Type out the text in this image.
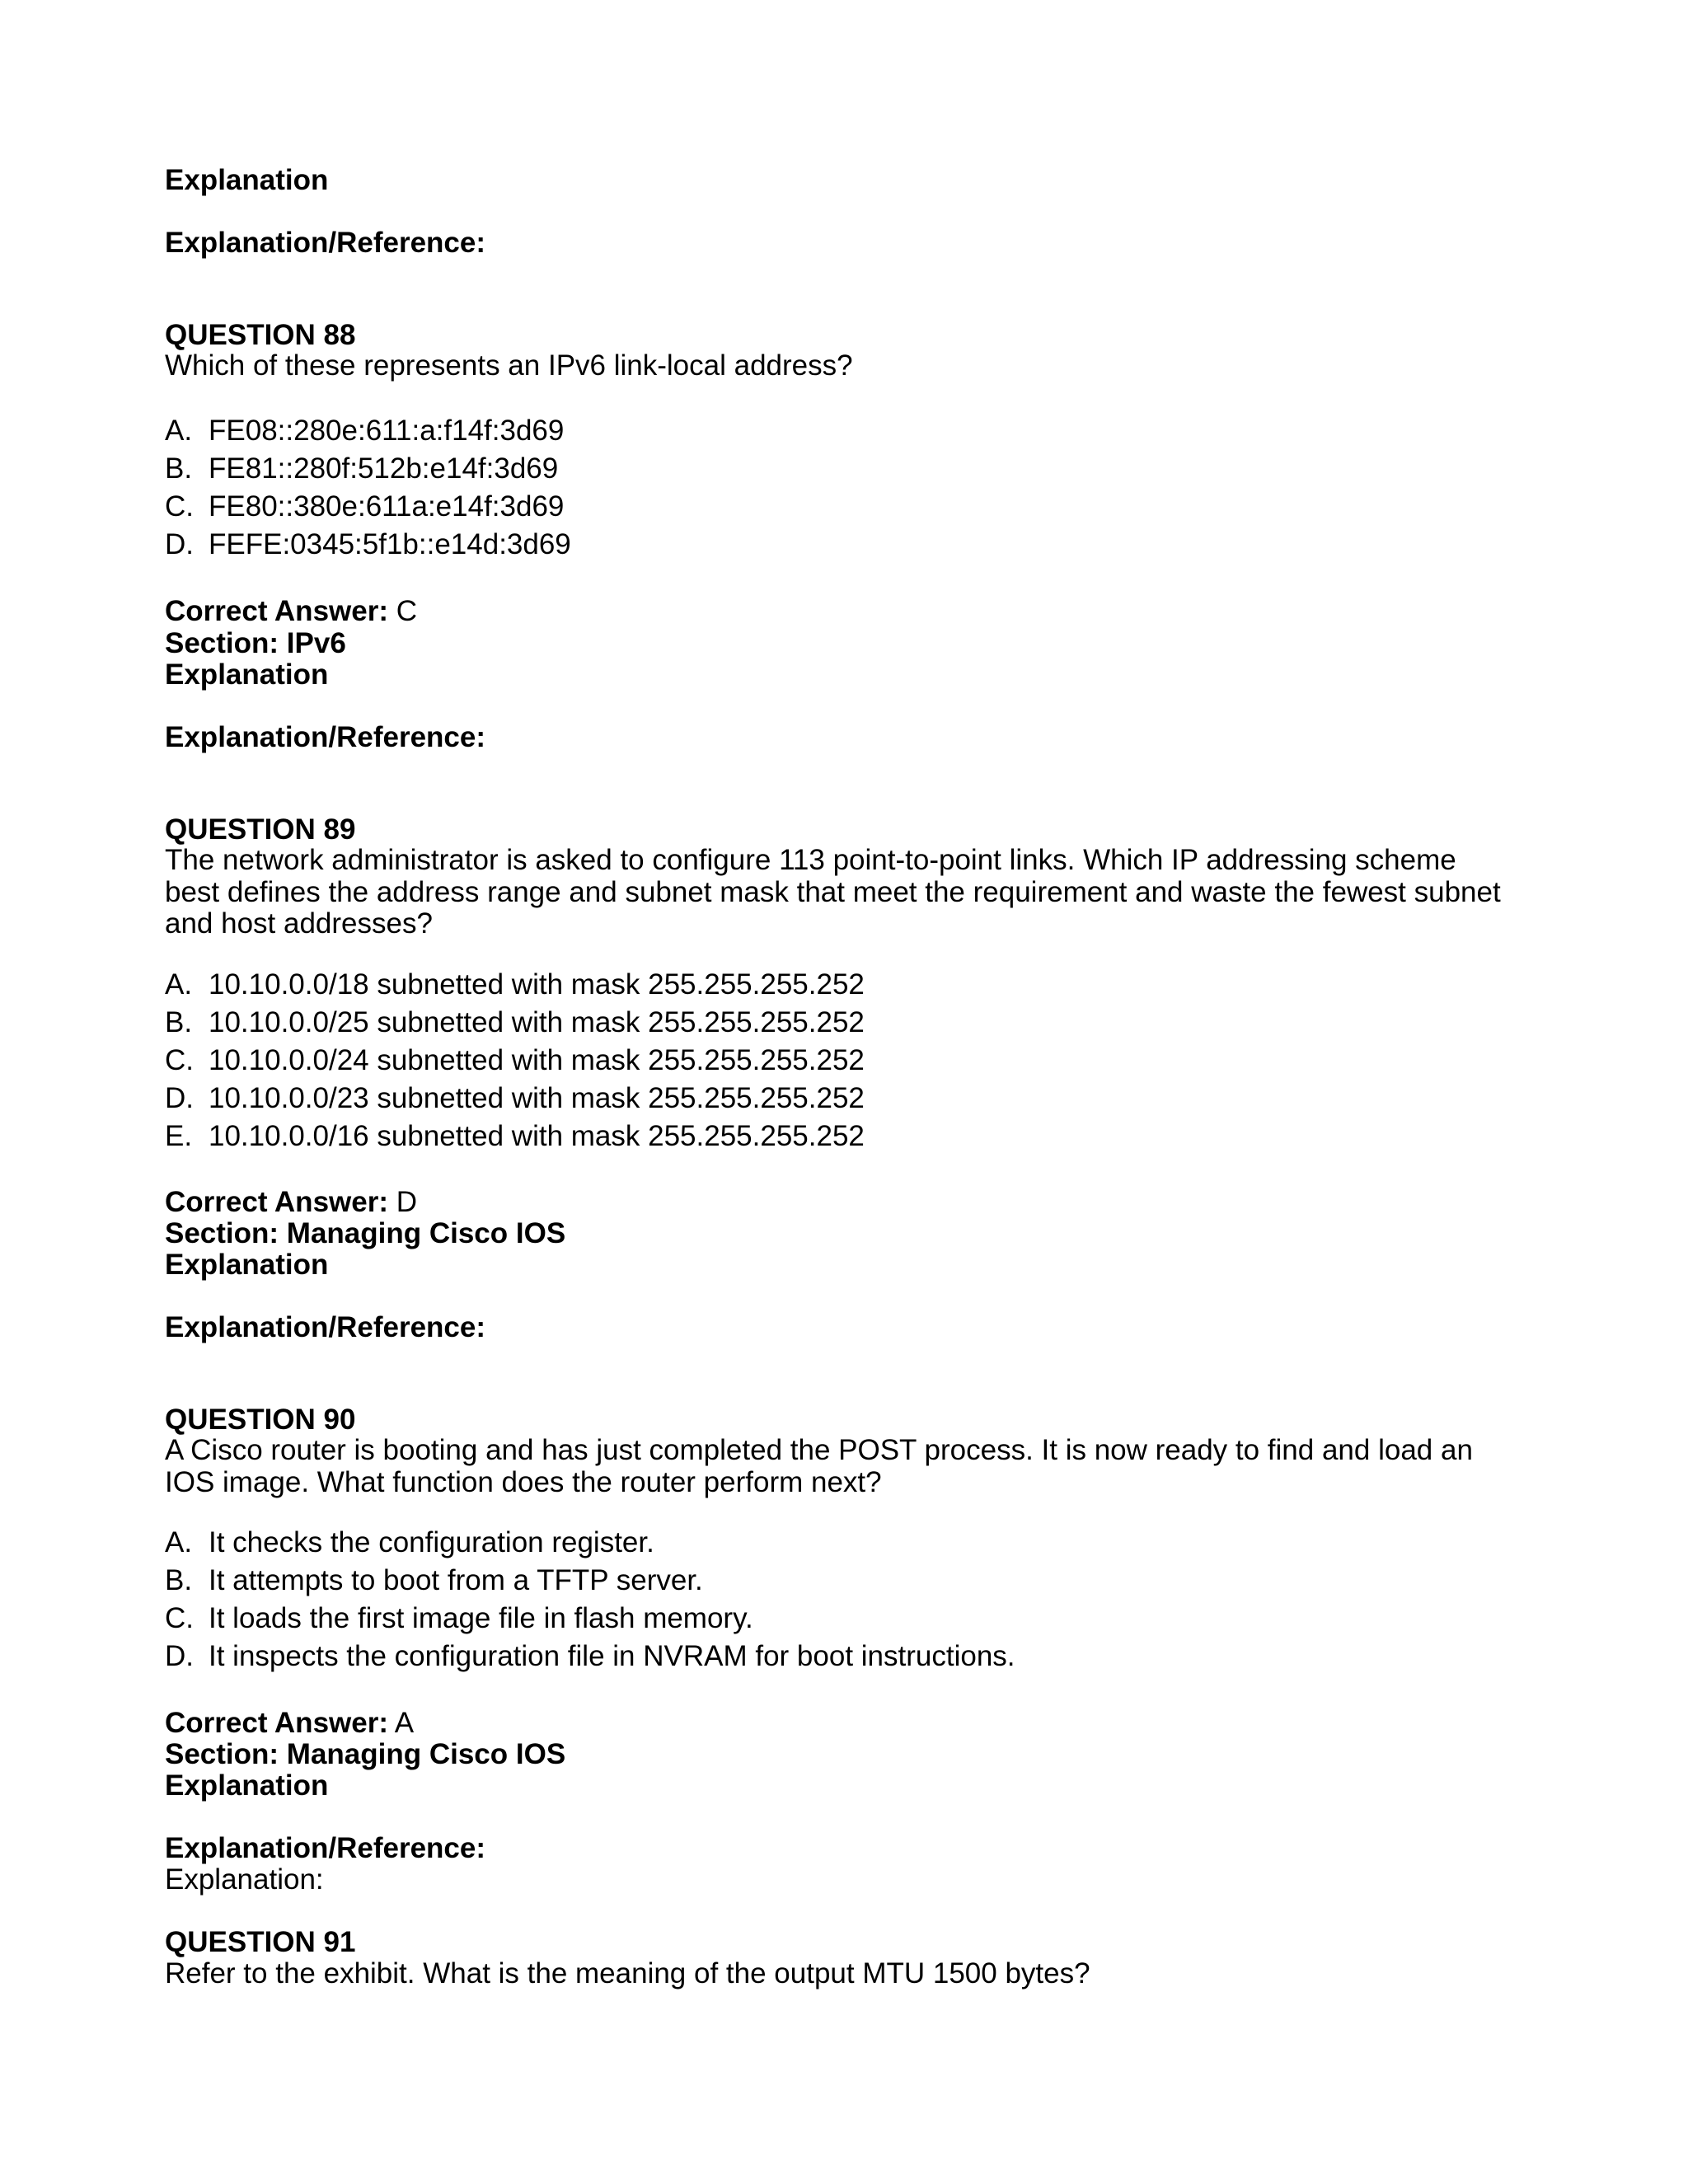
Explanation
Explanation/Reference:
QUESTION 88
Which of these represents an IPv6 link-local address?
A. FE08::280e:611:a:f14f:3d69
B. FE81::280f:512b:e14f:3d69
C. FE80::380e:611a:e14f:3d69
D. FEFE:0345:5f1b::e14d:3d69
Correct Answer: C
Section: IPv6
Explanation
Explanation/Reference:
QUESTION 89
The network administrator is asked to configure 113 point-to-point links. Which IP addressing scheme best defines the address range and subnet mask that meet the requirement and waste the fewest subnet and host addresses?
A. 10.10.0.0/18 subnetted with mask 255.255.255.252
B. 10.10.0.0/25 subnetted with mask 255.255.255.252
C. 10.10.0.0/24 subnetted with mask 255.255.255.252
D. 10.10.0.0/23 subnetted with mask 255.255.255.252
E. 10.10.0.0/16 subnetted with mask 255.255.255.252
Correct Answer: D
Section: Managing Cisco IOS
Explanation
Explanation/Reference:
QUESTION 90
A Cisco router is booting and has just completed the POST process. It is now ready to find and load an IOS image. What function does the router perform next?
A. It checks the configuration register.
B. It attempts to boot from a TFTP server.
C. It loads the first image file in flash memory.
D. It inspects the configuration file in NVRAM for boot instructions.
Correct Answer: A
Section: Managing Cisco IOS
Explanation
Explanation/Reference:
Explanation:
QUESTION 91
Refer to the exhibit. What is the meaning of the output MTU 1500 bytes?
